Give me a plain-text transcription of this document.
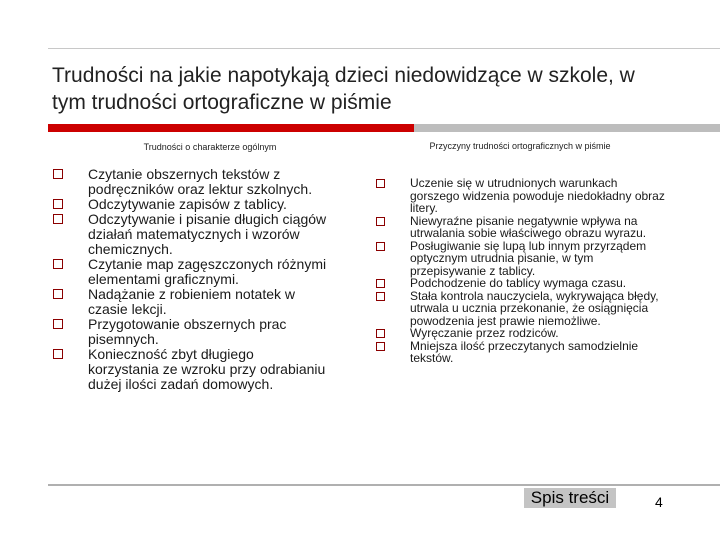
Trudności na jakie napotykają dzieci niedowidzące w szkole, w tym trudności ortograficzne w piśmie
Trudności o charakterze ogólnym	Przyczyny trudności ortograficznych w piśmie
Czytanie obszernych tekstów z podręczników oraz lektur szkolnych.
Odczytywanie zapisów z tablicy.
Odczytywanie i pisanie długich ciągów działań matematycznych i wzorów chemicznych.
Czytanie map zagęszczonych różnymi elementami graficznymi.
Nadążanie z robieniem notatek w czasie lekcji.
Przygotowanie obszernych prac pisemnych.
Konieczność zbyt długiego korzystania ze wzroku przy odrabianiu dużej ilości zadań domowych.
Uczenie się w utrudnionych warunkach gorszego widzenia powoduje niedokładny obraz litery.
Niewyraźne pisanie negatywnie wpływa na utrwalania sobie właściwego obrazu wyrazu.
Posługiwanie się lupą lub innym przyrządem optycznym utrudnia pisanie, w tym przepisywanie z tablicy.
Podchodzenie do tablicy wymaga czasu.
Stała kontrola nauczyciela, wykrywająca błędy, utrwala u ucznia przekonanie, że osiągnięcia powodzenia jest prawie niemożliwe.
Wyręczanie przez rodziców.
Mniejsza ilość przeczytanych samodzielnie tekstów.
Spis treści	4
